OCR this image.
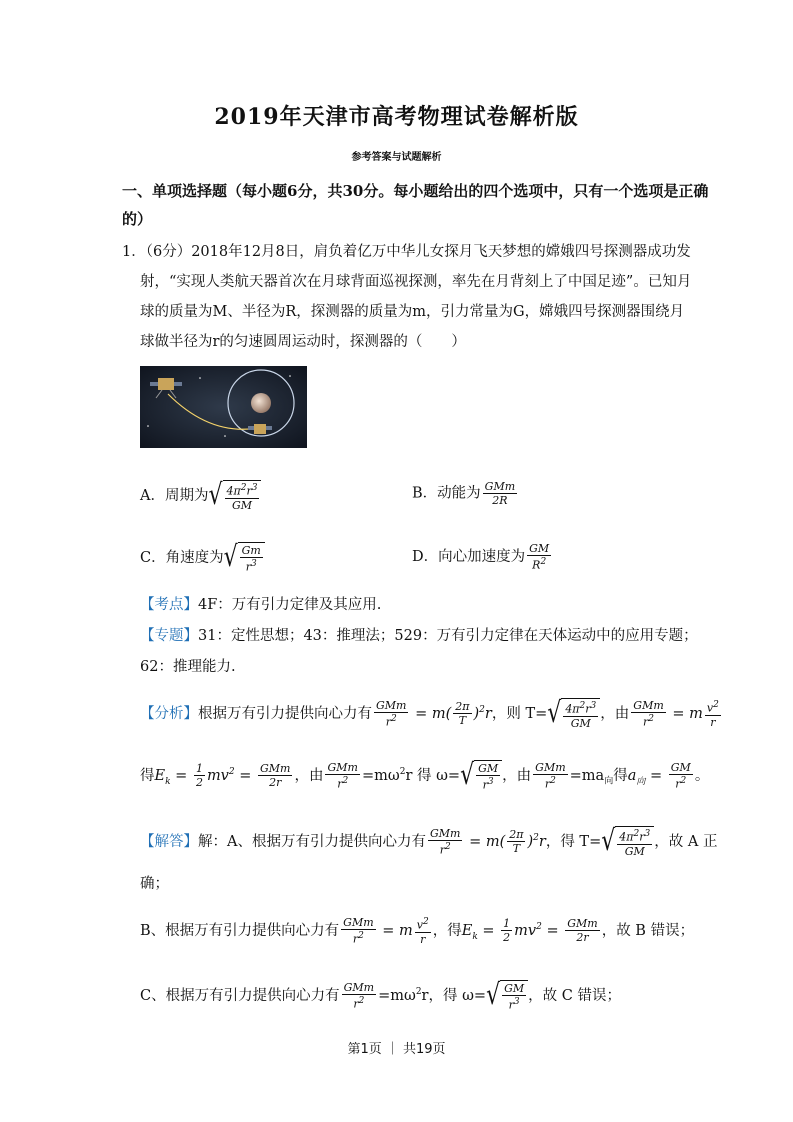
2019年天津市高考物理试卷解析版
参考答案与试题解析
一、单项选择题（每小题6分，共30分。每小题给出的四个选项中，只有一个选项是正确
的）
1．（6分）2018年12月8日，肩负着亿万中华儿女探月飞天梦想的嫦娥四号探测器成功发
射，“实现人类航天器首次在月球背面巡视探测，率先在月背刻上了中国足迹”。已知月
球的质量为M、半径为R，探测器的质量为m，引力常量为G，嫦娥四号探测器围绕月
球做半径为r的匀速圆周运动时，探测器的（　　）
A．周期为 √ $\frac{4\pi^2r^3}{GM}$	B．动能为 $\frac{\text{GMm}}{2R}$
C．角速度为 √ $\frac{Gm}{r^3}$	D．向心加速度为 $\frac{GM}{R^2}$
【考点】4F：万有引力定律及其应用.
【专题】31：定性思想；43：推理法；529：万有引力定律在天体运动中的应用专题；
62：推理能力.
【分析】根据万有引力提供向心力有 $\frac{\text{GMm}}{r^2} = m( \frac{2\pi}{T} )^2r$，则 T= √ $\frac{4\pi^2r^3}{GM}$ ，由 $\frac{\text{GMm}}{r^2} = m \frac{v^2}{r}$
得$E_k = \frac{1}{2} mv^2 = \frac{\text{GMm}}{2r}$ ，由 $\frac{\text{GMm}}{r^2} =m\omega^2r$ 得 ω= √ $\frac{GM}{r^3}$ ，由 $\frac{\text{GMm}}{r^2} =ma_向$得$a_向 = \frac{GM}{r^2}$ 。
【解答】解：A、根据万有引力提供向心力有 $\frac{\text{GMm}}{r^2} = m( \frac{2\pi}{T} )^2r$，得 T= √ $\frac{4\pi^2r^3}{GM}$ ，故 A 正
确；
B、根据万有引力提供向心力有 $\frac{\text{GMm}}{r^2} = m \frac{v^2}{r}$ ，得$E_k = \frac{1}{2} mv^2 = \frac{\text{GMm}}{2r}$ ，故 B 错误；
C、根据万有引力提供向心力有 $\frac{\text{GMm}}{r^2} =m\omega^2r$，得 ω= √ $\frac{GM}{r^3}$ ，故 C 错误；
第1页 ｜ 共19页
